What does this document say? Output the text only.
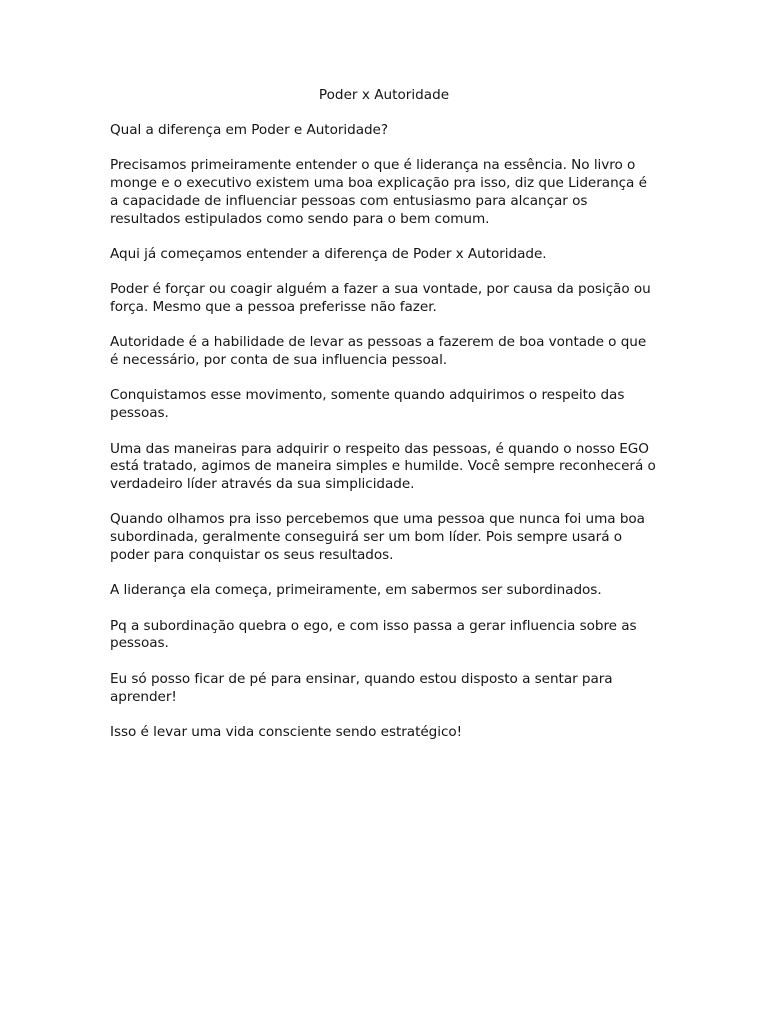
Poder x Autoridade

Qual a diferença em Poder e Autoridade?

Precisamos primeiramente entender o que é liderança na essência. No livro o monge e o executivo existem uma boa explicação pra isso, diz que Liderança é a capacidade de influenciar pessoas com entusiasmo para alcançar os resultados estipulados como sendo para o bem comum.

Aqui já começamos entender a diferença de Poder x Autoridade.

Poder é forçar ou coagir alguém a fazer a sua vontade, por causa da posição ou força. Mesmo que a pessoa preferisse não fazer.

Autoridade é a habilidade de levar as pessoas a fazerem de boa vontade o que é necessário, por conta de sua influencia pessoal.

Conquistamos esse movimento, somente quando adquirimos o respeito das pessoas.

Uma das maneiras para adquirir o respeito das pessoas, é quando o nosso EGO está tratado, agimos de maneira simples e humilde. Você sempre reconhecerá o verdadeiro líder através da sua simplicidade.

Quando olhamos pra isso percebemos que uma pessoa que nunca foi uma boa subordinada, geralmente conseguirá ser um bom líder. Pois sempre usará o poder para conquistar os seus resultados.

A liderança ela começa, primeiramente, em sabermos ser subordinados.

Pq a subordinação quebra o ego, e com isso passa a gerar influencia sobre as pessoas.

Eu só posso ficar de pé para ensinar, quando estou disposto a sentar para aprender!

Isso é levar uma vida consciente sendo estratégico!
